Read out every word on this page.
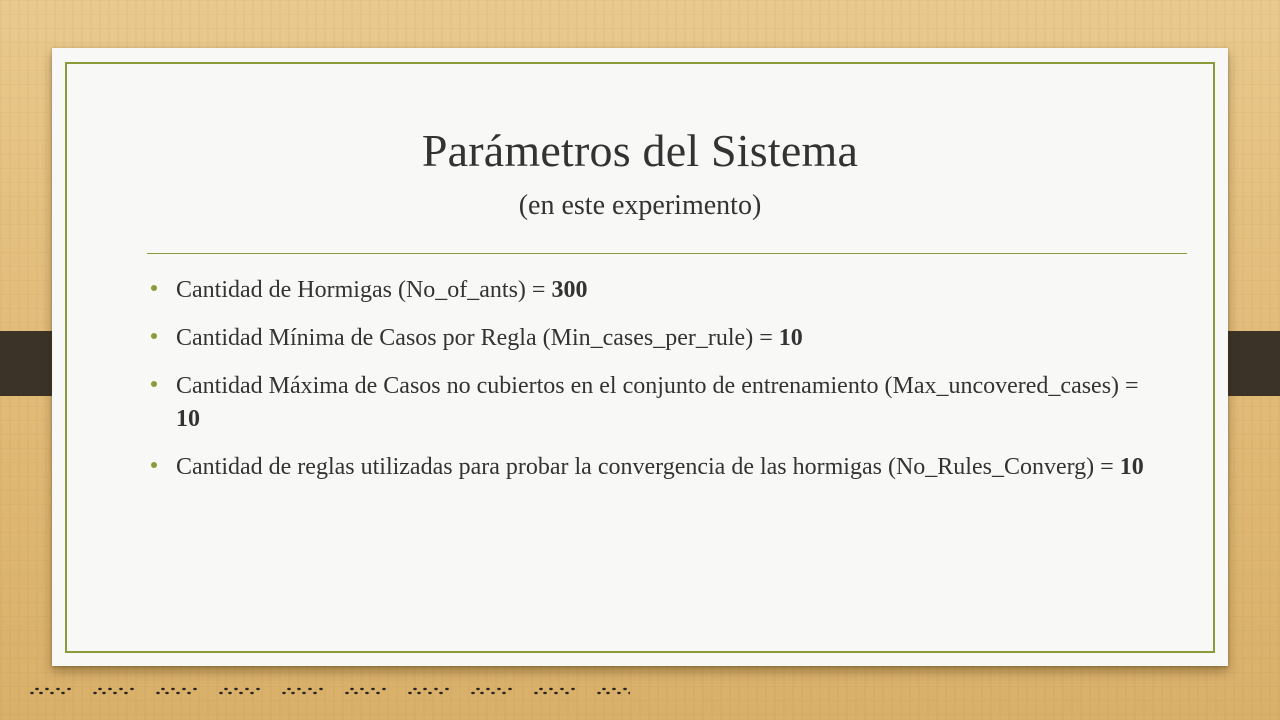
Parámetros del Sistema
(en este experimento)
Cantidad de Hormigas (No_of_ants) = 300
Cantidad Mínima de Casos por Regla (Min_cases_per_rule) = 10
Cantidad Máxima de Casos no cubiertos en el conjunto de entrenamiento (Max_uncovered_cases) = 10
Cantidad de reglas utilizadas para probar la convergencia de las hormigas (No_Rules_Converg) = 10
